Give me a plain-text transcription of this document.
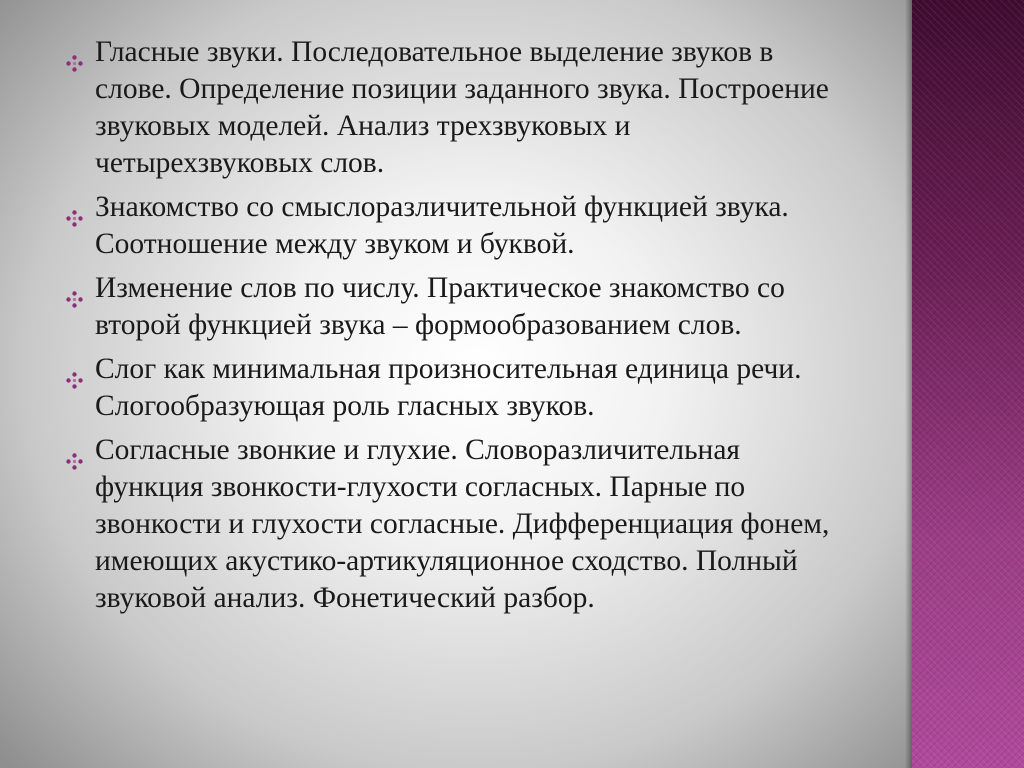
Гласные звуки. Последовательное выделение звуков в слове. Определение позиции заданного звука. Построение звуковых моделей. Анализ трехзвуковых и четырехзвуковых слов.
Знакомство со смыслоразличительной функцией звука. Соотношение между звуком и буквой.
Изменение слов по числу. Практическое знакомство со второй функцией звука – формообразованием слов.
Слог как минимальная произносительная единица речи. Слогообразующая роль гласных звуков.
Согласные звонкие и глухие. Словоразличительная функция звонкости-глухости согласных. Парные по звонкости и глухости согласные. Дифференциация фонем, имеющих акустико-артикуляционное сходство. Полный звуковой анализ. Фонетический разбор.
